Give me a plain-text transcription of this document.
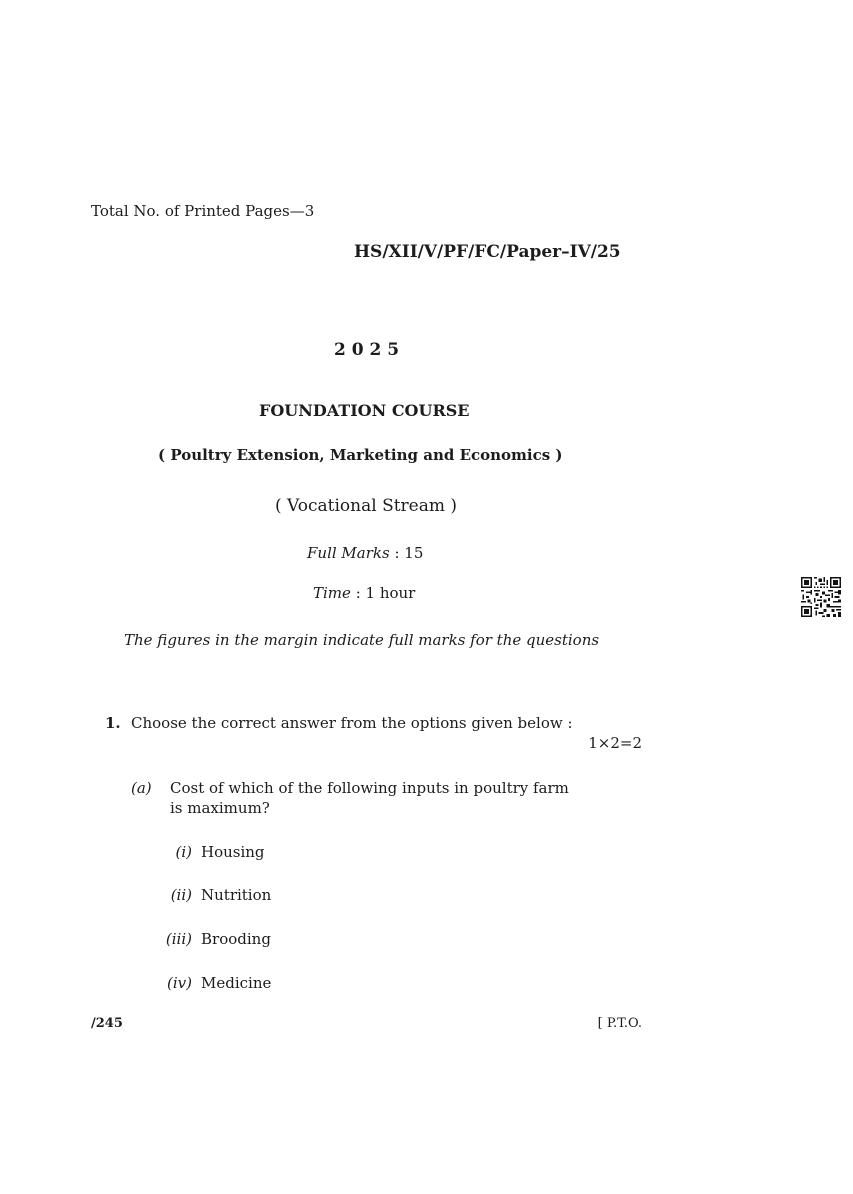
Total No. of Printed Pages—3
HS/XII/V/PF/FC/Paper–IV/25
2 0 2 5
FOUNDATION COURSE
( Poultry Extension, Marketing and Economics )
( Vocational Stream )
Full Marks : 15
Time : 1 hour
The figures in the margin indicate full marks for the questions
1. Choose the correct answer from the options given below :
1×2=2
(a) Cost of which of the following inputs in poultry farm
is maximum?
(i) Housing
(ii) Nutrition
(iii) Brooding
(iv) Medicine
/245	[ P.T.O.
